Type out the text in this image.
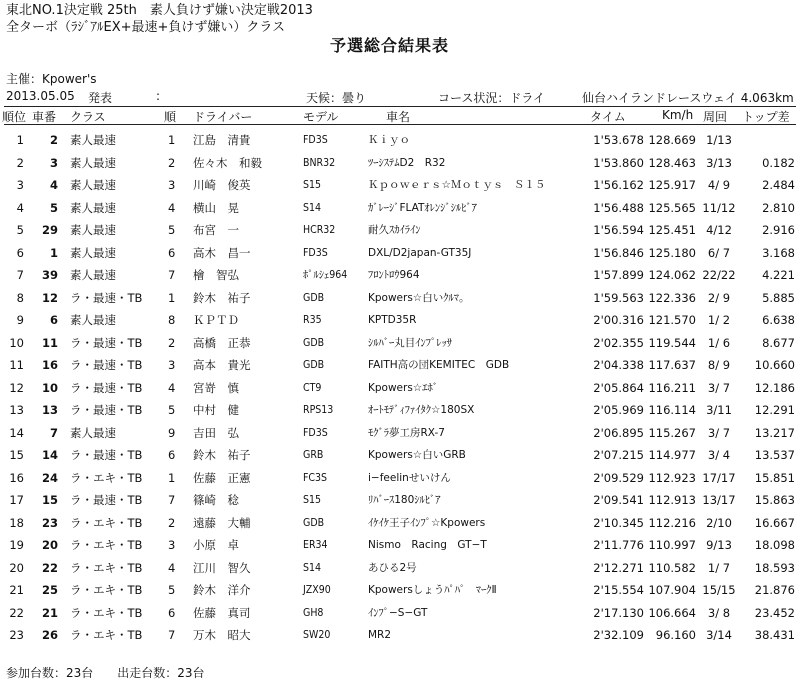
東北NO.1決定戦 25th　素人負けず嫌い決定戦2013
全ターボ（ﾗｼﾞｱﾙEX+最速+負けず嫌い）クラス
予選総合結果表
主催：Kpower's
2013.05.05 発表	:	天候：曇り	コース状況：ドライ	仙台ハイランドレースウェイ 4.063km
順位 車番 クラス	順 ドライバー	モデル	車名	タイム	Km/h 周回 トップ差
1	2 素人最速	1 江島　清貴	FD3S	Ｋｉｙｏ	1'53.678 128.669 1/13
2	3 素人最速	2 佐々木　和毅	BNR32	ﾂｰｼｽﾃﾑD2　R32	1'53.860 128.463 3/13	0.182
3	4 素人最速	3 川崎　俊英	S15	Ｋｐｏｗｅｒｓ☆Ｍｏｔｙｓ　Ｓ１５	1'56.162 125.917	4/ 9	2.484
4	5 素人最速	4 横山　晃	S14	ｶﾞﾚｰｼﾞFLATｵﾚﾝｼﾞｼﾙﾋﾞｱ	1'56.488 125.565 11/12	2.810
5	29 素人最速	5 布宮　一	HCR32	耐久ｽｶｲﾗｲﾝ	1'56.594 125.451 4/12	2.916
6	1 素人最速	6 高木　昌一	FD3S	DXL/D2japan-GT35J	1'56.846 125.180	6/ 7	3.168
7	39 素人最速	7 檜　智弘	ﾎﾟﾙｼｪ964	ﾌﾛﾝﾄﾛｳ964	1'57.899 124.062 22/22	4.221
8	12 ラ・最速・TB	1 鈴木　祐子	GDB	Kpowers☆白いｸﾙﾏ。	1'59.563 122.336	2/ 9	5.885
9	6 素人最速	8 ＫＰＴＤ	R35	KPTD35R	2'00.316 121.570	1/ 2	6.638
10	11 ラ・最速・TB	2 高橋　正恭	GDB	ｼﾙﾊﾞｰ丸目ｲﾝﾌﾟﾚｯｻ	2'02.355 119.544	1/ 6	8.677
11	16 ラ・最速・TB	3 高本　貴光	GDB	FAITH高の団KEMITEC　GDB	2'04.338 117.637	8/ 9	10.660
12	10 ラ・最速・TB	4 宮嵜　慎	CT9	Kpowers☆ｴﾎﾞ	2'05.864 116.211	3/ 7	12.186
13	13 ラ・最速・TB	5 中村　健	RPS13	ｵｰﾄﾓﾃﾞｨﾌｧｲﾀｸ☆180SX	2'05.969 116.114 3/11	12.291
14	7 素人最速	9 吉田　弘	FD3S	ﾓｸﾞﾗ夢工房RX-7	2'06.895 115.267	3/ 7	13.217
15	14 ラ・最速・TB	6 鈴木　祐子	GRB	Kpowers☆白いGRB	2'07.215 114.977	3/ 4	13.537
16	24 ラ・エキ・TB	1 佐藤　正憲	FC3S	i−feelinせいけん	2'09.529 112.923 17/17	15.851
17	15 ラ・最速・TB	7 篠崎　稔	S15	ﾘﾊﾞｰｽ180ｼﾙﾋﾞｱ	2'09.541 112.913 13/17	15.863
18	23 ラ・エキ・TB	2 遠藤　大輔	GDB	ｲｹｲｹ王子ｲﾝﾌﾟ☆Kpowers	2'10.345 112.216 2/10	16.667
19	20 ラ・エキ・TB	3 小原　卓	ER34	Nismo　Racing　GT−T	2'11.776 110.997 9/13	18.098
20	22 ラ・エキ・TB	4 江川　智久	S14	あひる2号	2'12.271 110.582	1/ 7	18.593
21	25 ラ・エキ・TB	5 鈴木　洋介	JZX90	Kpowersしょうﾊﾟﾊﾟ　ﾏｰｸⅡ	2'15.554 107.904 15/15	21.876
22	21 ラ・エキ・TB	6 佐藤　真司	GH8	ｲﾝﾌﾟ−S−GT	2'17.130 106.664	3/ 8	23.452
23	26 ラ・エキ・TB	7 万木　昭大	SW20	MR2	2'32.109	96.160 3/14	38.431
参加台数：23台　　出走台数：23台
